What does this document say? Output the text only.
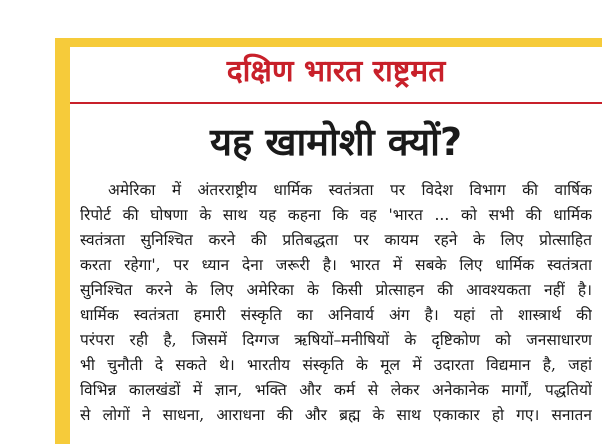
दक्षिण भारत राष्ट्रमत
यह खामोशी क्यों?
अमेरिका में अंतरराष्ट्रीय धार्मिक स्वतंत्रता पर विदेश विभाग की वार्षिक
रिपोर्ट की घोषणा के साथ यह कहना कि वह 'भारत ... को सभी की धार्मिक
स्वतंत्रता सुनिश्चित करने की प्रतिबद्धता पर कायम रहने के लिए प्रोत्साहित
करता रहेगा', पर ध्यान देना जरूरी है। भारत में सबके लिए धार्मिक स्वतंत्रता
सुनिश्चित करने के लिए अमेरिका के किसी प्रोत्साहन की आवश्यकता नहीं है।
धार्मिक स्वतंत्रता हमारी संस्कृति का अनिवार्य अंग है। यहां तो शास्त्रार्थ की
परंपरा रही है, जिसमें दिग्गज ऋषियों–मनीषियों के दृष्टिकोण को जनसाधारण
भी चुनौती दे सकते थे। भारतीय संस्कृति के मूल में उदारता विद्यमान है, जहां
विभिन्न कालखंडों में ज्ञान, भक्ति और कर्म से लेकर अनेकानेक मार्गों, पद्धतियों
से लोगों ने साधना, आराधना की और ब्रह्म के साथ एकाकार हो गए। सनातन
